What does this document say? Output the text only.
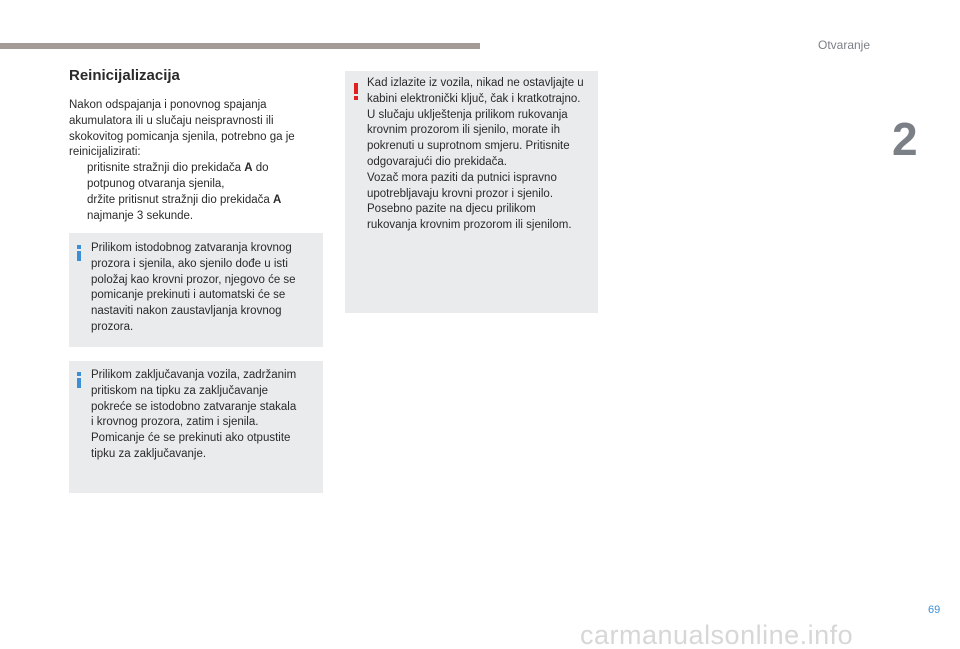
Otvaranje
2
Reinicijalizacija

Nakon odspajanja i ponovnog spajanja

akumulatora ili u slučaju neispravnosti ili

skokovitog pomicanja sjenila, potrebno ga je

reinicijalizirati:

pritisnite stražnji dio prekidača A do
potpunog otvaranja sjenila,
držite pritisnut stražnji dio prekidača A
najmanje 3 sekunde.
Prilikom istodobnog zatvaranja krovnog
prozora i sjenila, ako sjenilo dođe u isti
položaj kao krovni prozor, njegovo će se
pomicanje prekinuti i automatski će se
nastaviti nakon zaustavljanja krovnog
prozora.
Prilikom zaključavanja vozila, zadržanim
pritiskom na tipku za zaključavanje
pokreće se istodobno zatvaranje stakala
i krovnog prozora, zatim i sjenila.
Pomicanje će se prekinuti ako otpustite
tipku za zaključavanje.
Kad izlazite iz vozila, nikad ne ostavljajte u
kabini elektronički ključ, čak i kratkotrajno.
U slučaju uklještenja prilikom rukovanja
krovnim prozorom ili sjenilo, morate ih
pokrenuti u suprotnom smjeru. Pritisnite
odgovarajući dio prekidača.
Vozač mora paziti da putnici ispravno
upotrebljavaju krovni prozor i sjenilo.
Posebno pazite na djecu prilikom
rukovanja krovnim prozorom ili sjenilom.
69
carmanualsonline.info
